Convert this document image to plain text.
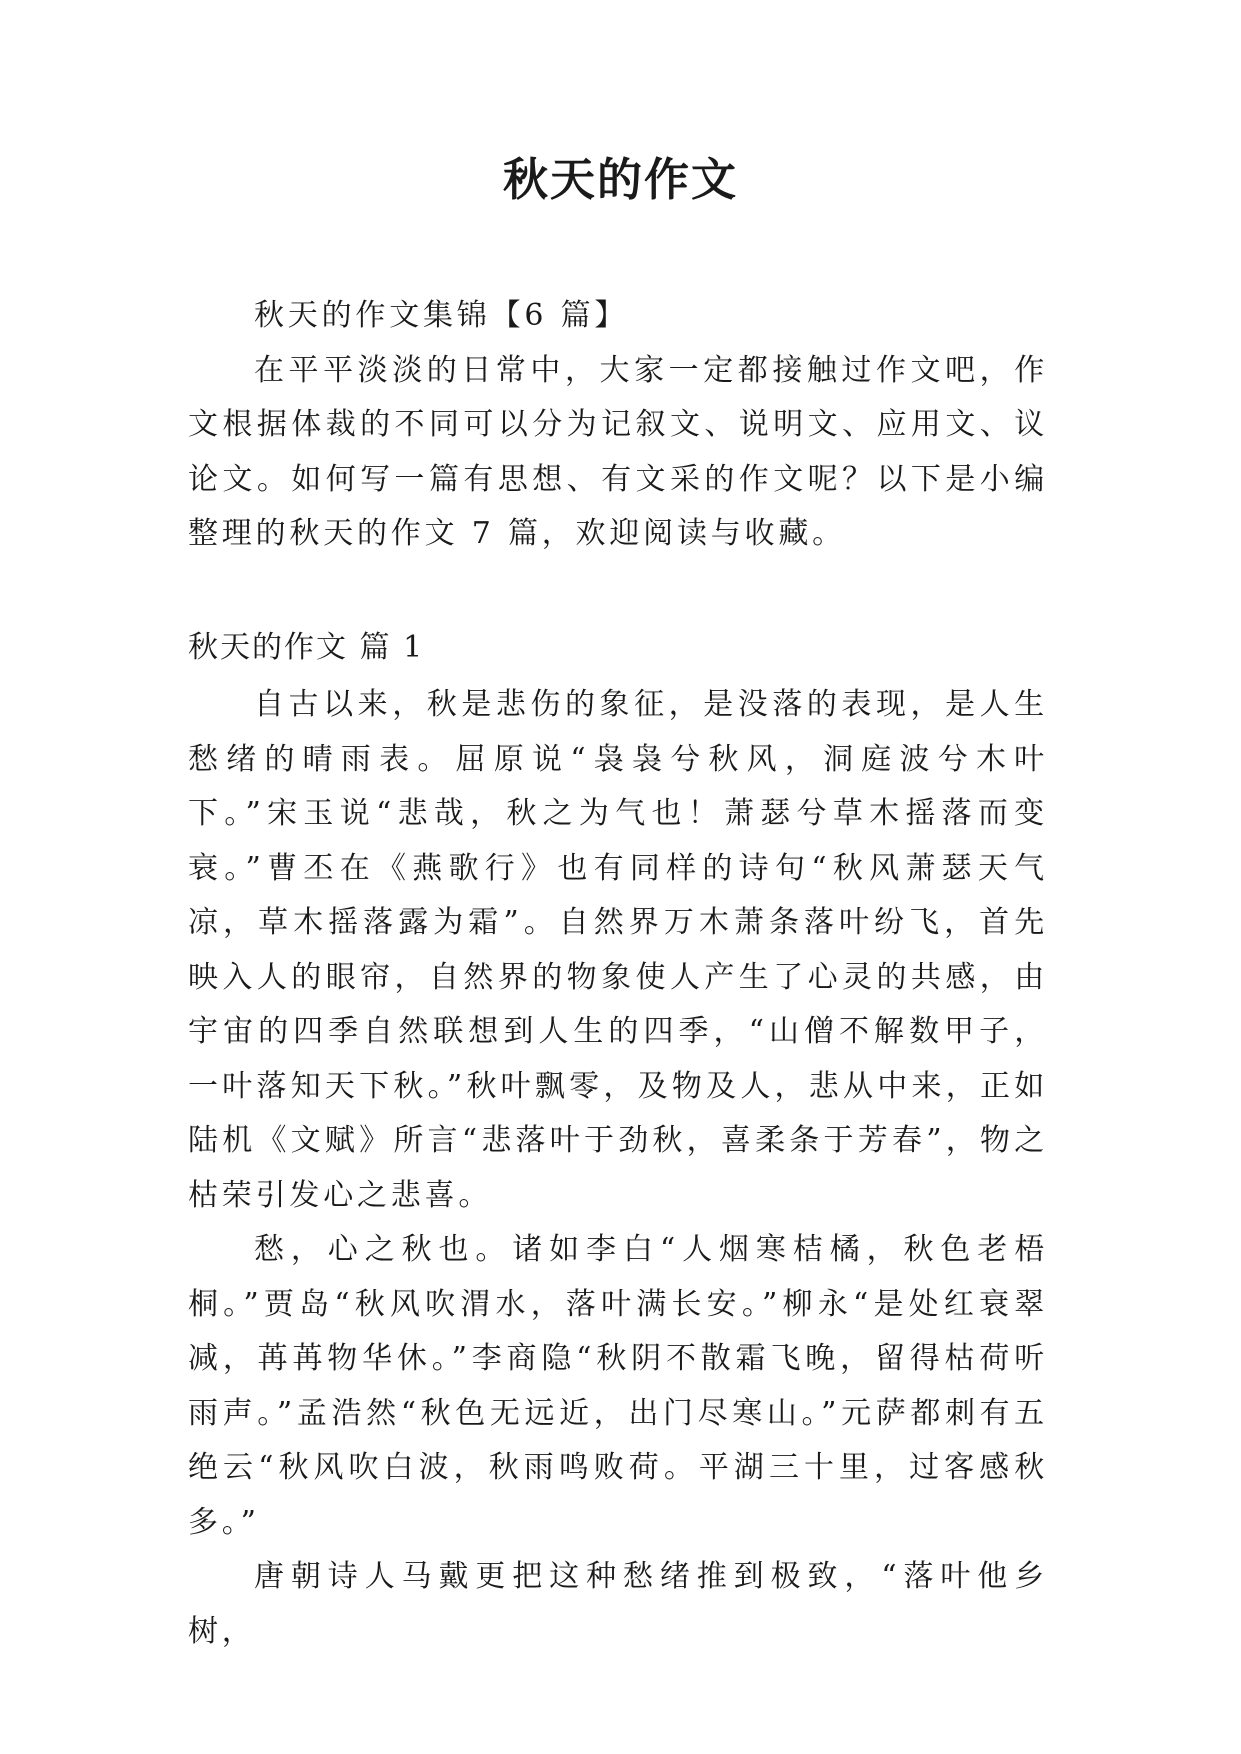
秋天的作文

秋天的作文集锦【6 篇】

在平平淡淡的日常中，大家一定都接触过作文吧，作文根据体裁的不同可以分为记叙文、说明文、应用文、议论文。如何写一篇有思想、有文采的作文呢？以下是小编整理的秋天的作文 7 篇，欢迎阅读与收藏。

秋天的作文 篇 1

自古以来，秋是悲伤的象征，是没落的表现，是人生愁绪的晴雨表。屈原说“袅袅兮秋风，洞庭波兮木叶下。”宋玉说“悲哉，秋之为气也！萧瑟兮草木摇落而变衰。”曹丕在《燕歌行》也有同样的诗句“秋风萧瑟天气凉，草木摇落露为霜”。自然界万木萧条落叶纷飞，首先映入人的眼帘，自然界的物象使人产生了心灵的共感，由宇宙的四季自然联想到人生的四季，“山僧不解数甲子，一叶落知天下秋。”秋叶飘零，及物及人，悲从中来，正如陆机《文赋》所言“悲落叶于劲秋，喜柔条于芳春”，物之枯荣引发心之悲喜。

愁，心之秋也。诸如李白“人烟寒桔橘，秋色老梧桐。”贾岛“秋风吹渭水，落叶满长安。”柳永“是处红衰翠减，苒苒物华休。”李商隐“秋阴不散霜飞晚，留得枯荷听雨声。”孟浩然“秋色无远近，出门尽寒山。”元萨都刺有五绝云“秋风吹白波，秋雨鸣败荷。平湖三十里，过客感秋多。”

唐朝诗人马戴更把这种愁绪推到极致，“落叶他乡树，
